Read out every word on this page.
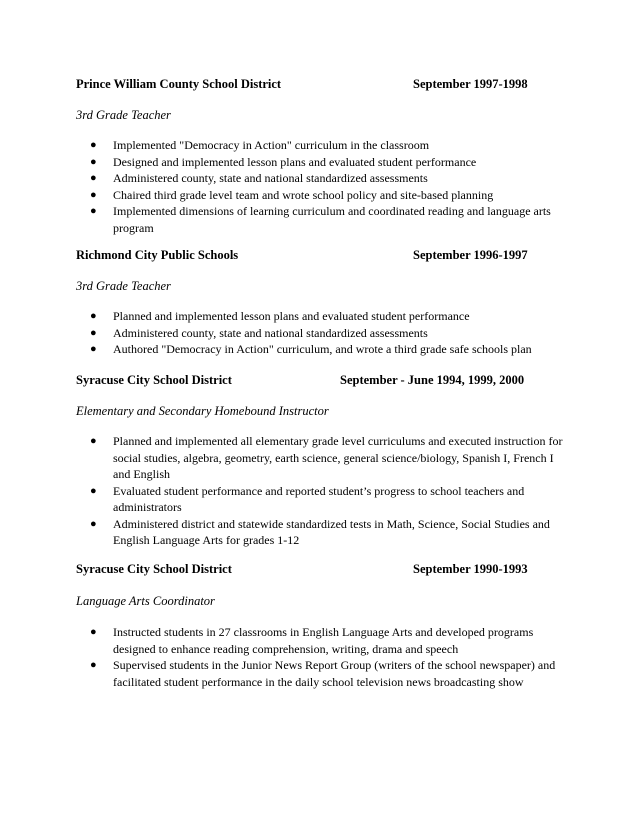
Prince William County School District	September 1997-1998
3rd Grade Teacher
● Implemented "Democracy in Action" curriculum in the classroom
● Designed and implemented lesson plans and evaluated student performance
● Administered county, state and national standardized assessments
● Chaired third grade level team and wrote school policy and site-based planning
● Implemented dimensions of learning curriculum and coordinated reading and language arts program
Richmond City Public Schools	September 1996-1997
3rd Grade Teacher
● Planned and implemented lesson plans and evaluated student performance
● Administered county, state and national standardized assessments
● Authored "Democracy in Action" curriculum, and wrote a third grade safe schools plan
Syracuse City School District	September - June 1994, 1999, 2000
Elementary and Secondary Homebound Instructor
● Planned and implemented all elementary grade level curriculums and executed instruction for social studies, algebra, geometry, earth science, general science/biology, Spanish I, French I and English
● Evaluated student performance and reported student’s progress to school teachers and administrators
● Administered district and statewide standardized tests in Math, Science, Social Studies and English Language Arts for grades 1-12
Syracuse City School District	September 1990-1993
Language Arts Coordinator
● Instructed students in 27 classrooms in English Language Arts and developed programs designed to enhance reading comprehension, writing, drama and speech
● Supervised students in the Junior News Report Group (writers of the school newspaper) and facilitated student performance in the daily school television news broadcasting show
